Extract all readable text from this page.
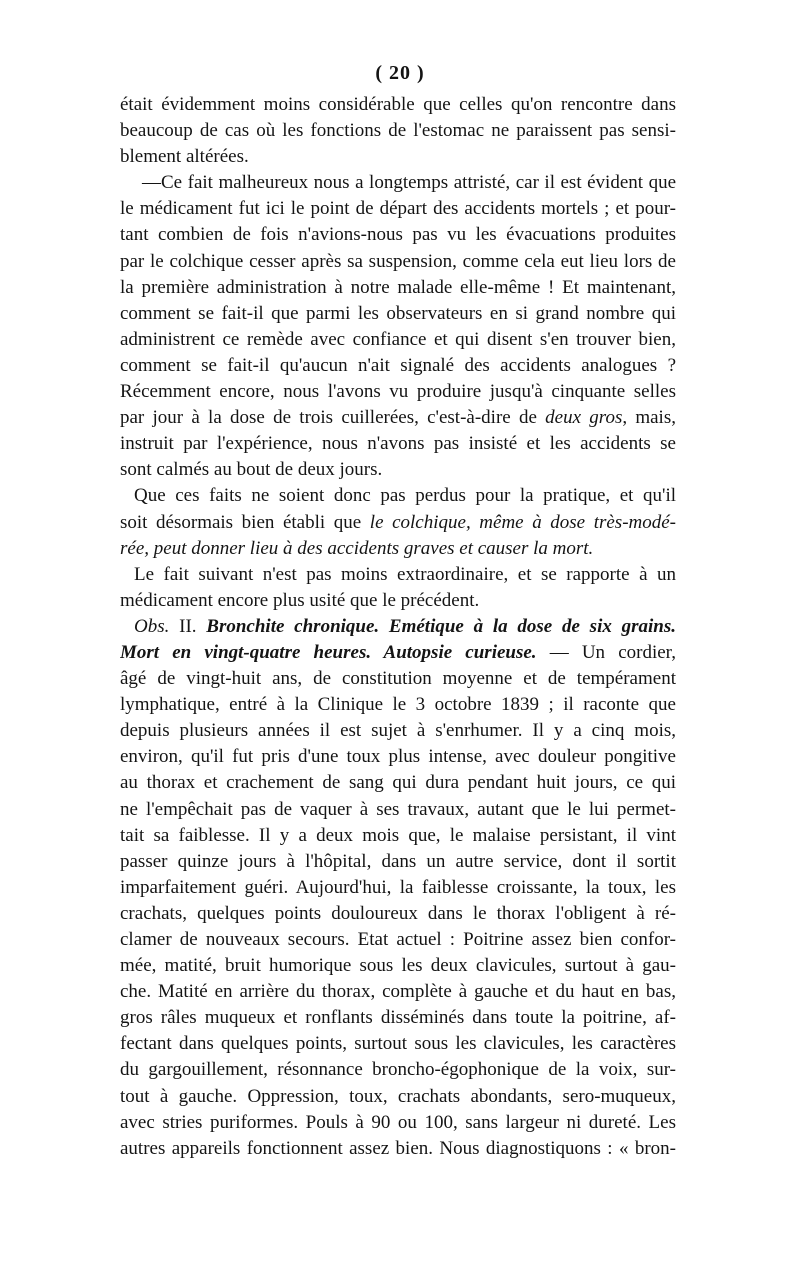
( 20 )
était évidemment moins considérable que celles qu'on rencontre dans
beaucoup de cas où les fonctions de l'estomac ne paraissent pas sensi-
blement altérées.
—Ce fait malheureux nous a longtemps attristé, car il est évident que
le médicament fut ici le point de départ des accidents mortels ; et pour-
tant combien de fois n'avions-nous pas vu les évacuations produites
par le colchique cesser après sa suspension, comme cela eut lieu lors de
la première administration à notre malade elle-même ! Et maintenant,
comment se fait-il que parmi les observateurs en si grand nombre qui
administrent ce remède avec confiance et qui disent s'en trouver bien,
comment se fait-il qu'aucun n'ait signalé des accidents analogues ?
Récemment encore, nous l'avons vu produire jusqu'à cinquante selles
par jour à la dose de trois cuillerées, c'est-à-dire de deux gros, mais,
instruit par l'expérience, nous n'avons pas insisté et les accidents se
sont calmés au bout de deux jours.
Que ces faits ne soient donc pas perdus pour la pratique, et qu'il
soit désormais bien établi que le colchique, même à dose très-modé-
rée, peut donner lieu à des accidents graves et causer la mort.
Le fait suivant n'est pas moins extraordinaire, et se rapporte à un
médicament encore plus usité que le précédent.
Obs. II. Bronchite chronique. Emétique à la dose de six grains.
Mort en vingt-quatre heures. Autopsie curieuse. — Un cordier,
âgé de vingt-huit ans, de constitution moyenne et de tempérament
lymphatique, entré à la Clinique le 3 octobre 1839 ; il raconte que
depuis plusieurs années il est sujet à s'enrhumer. Il y a cinq mois,
environ, qu'il fut pris d'une toux plus intense, avec douleur pongitive
au thorax et crachement de sang qui dura pendant huit jours, ce qui
ne l'empêchait pas de vaquer à ses travaux, autant que le lui permet-
tait sa faiblesse. Il y a deux mois que, le malaise persistant, il vint
passer quinze jours à l'hôpital, dans un autre service, dont il sortit
imparfaitement guéri. Aujourd'hui, la faiblesse croissante, la toux, les
crachats, quelques points douloureux dans le thorax l'obligent à ré-
clamer de nouveaux secours. Etat actuel : Poitrine assez bien confor-
mée, matité, bruit humorique sous les deux clavicules, surtout à gau-
che. Matité en arrière du thorax, complète à gauche et du haut en bas,
gros râles muqueux et ronflants disséminés dans toute la poitrine, af-
fectant dans quelques points, surtout sous les clavicules, les caractères
du gargouillement, résonnance broncho-égophonique de la voix, sur-
tout à gauche. Oppression, toux, crachats abondants, sero-muqueux,
avec stries puriformes. Pouls à 90 ou 100, sans largeur ni dureté. Les
autres appareils fonctionnent assez bien. Nous diagnostiquons : « bron-
